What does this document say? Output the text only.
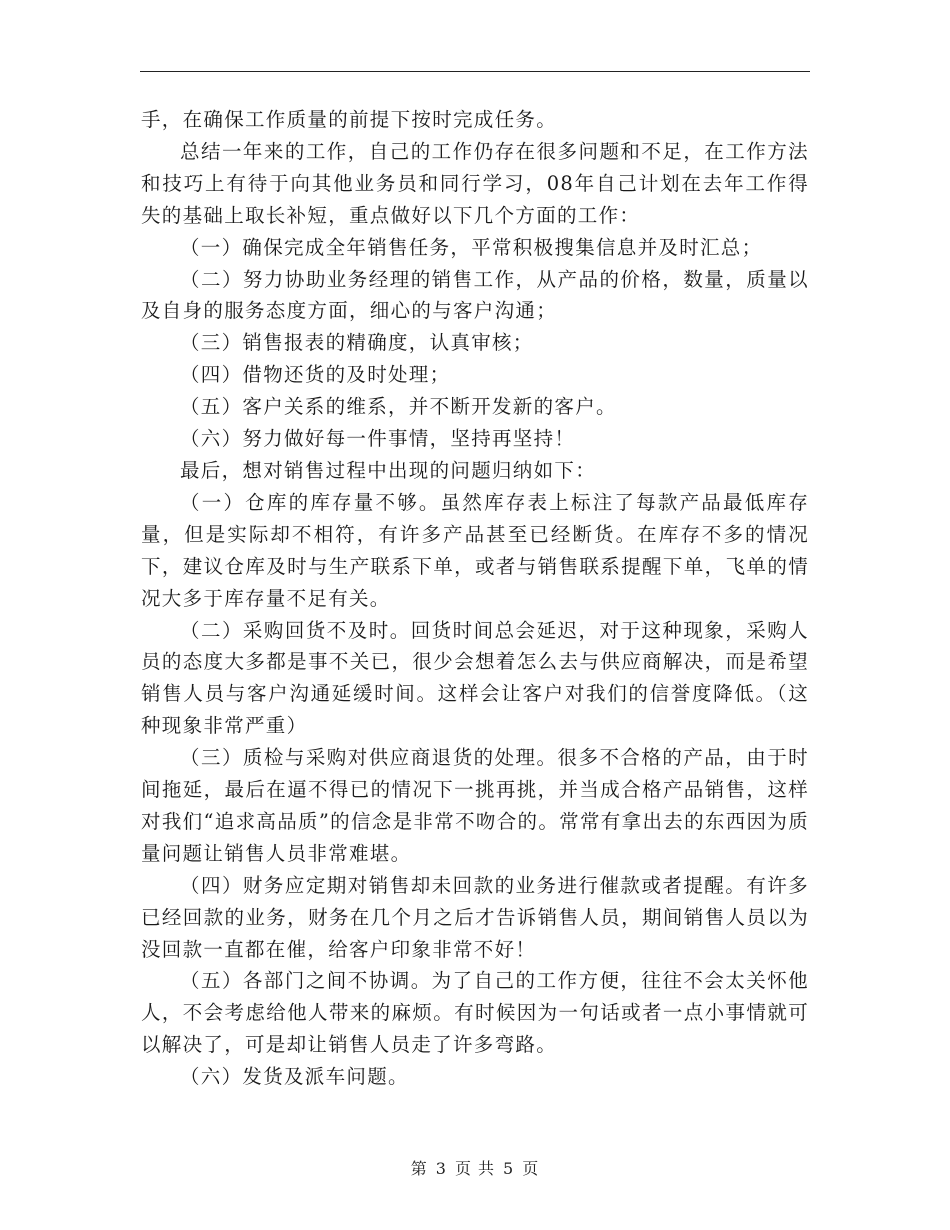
手，在确保工作质量的前提下按时完成任务。

总结一年来的工作，自己的工作仍存在很多问题和不足，在工作方法和技巧上有待于向其他业务员和同行学习，08年自己计划在去年工作得失的基础上取长补短，重点做好以下几个方面的工作：

（一）确保完成全年销售任务，平常积极搜集信息并及时汇总；

（二）努力协助业务经理的销售工作，从产品的价格，数量，质量以及自身的服务态度方面，细心的与客户沟通；

（三）销售报表的精确度，认真审核；

（四）借物还货的及时处理；

（五）客户关系的维系，并不断开发新的客户。

（六）努力做好每一件事情，坚持再坚持！

最后，想对销售过程中出现的问题归纳如下：

（一）仓库的库存量不够。虽然库存表上标注了每款产品最低库存量，但是实际却不相符，有许多产品甚至已经断货。在库存不多的情况下，建议仓库及时与生产联系下单，或者与销售联系提醒下单，飞单的情况大多于库存量不足有关。

（二）采购回货不及时。回货时间总会延迟，对于这种现象，采购人员的态度大多都是事不关已，很少会想着怎么去与供应商解决，而是希望销售人员与客户沟通延缓时间。这样会让客户对我们的信誉度降低。（这种现象非常严重）

（三）质检与采购对供应商退货的处理。很多不合格的产品，由于时间拖延，最后在逼不得已的情况下一挑再挑，并当成合格产品销售，这样对我们“追求高品质”的信念是非常不吻合的。常常有拿出去的东西因为质量问题让销售人员非常难堪。

（四）财务应定期对销售却未回款的业务进行催款或者提醒。有许多已经回款的业务，财务在几个月之后才告诉销售人员，期间销售人员以为没回款一直都在催，给客户印象非常不好！

（五）各部门之间不协调。为了自己的工作方便，往往不会太关怀他人，不会考虑给他人带来的麻烦。有时候因为一句话或者一点小事情就可以解决了，可是却让销售人员走了许多弯路。

（六）发货及派车问题。

第 3 页 共 5 页
